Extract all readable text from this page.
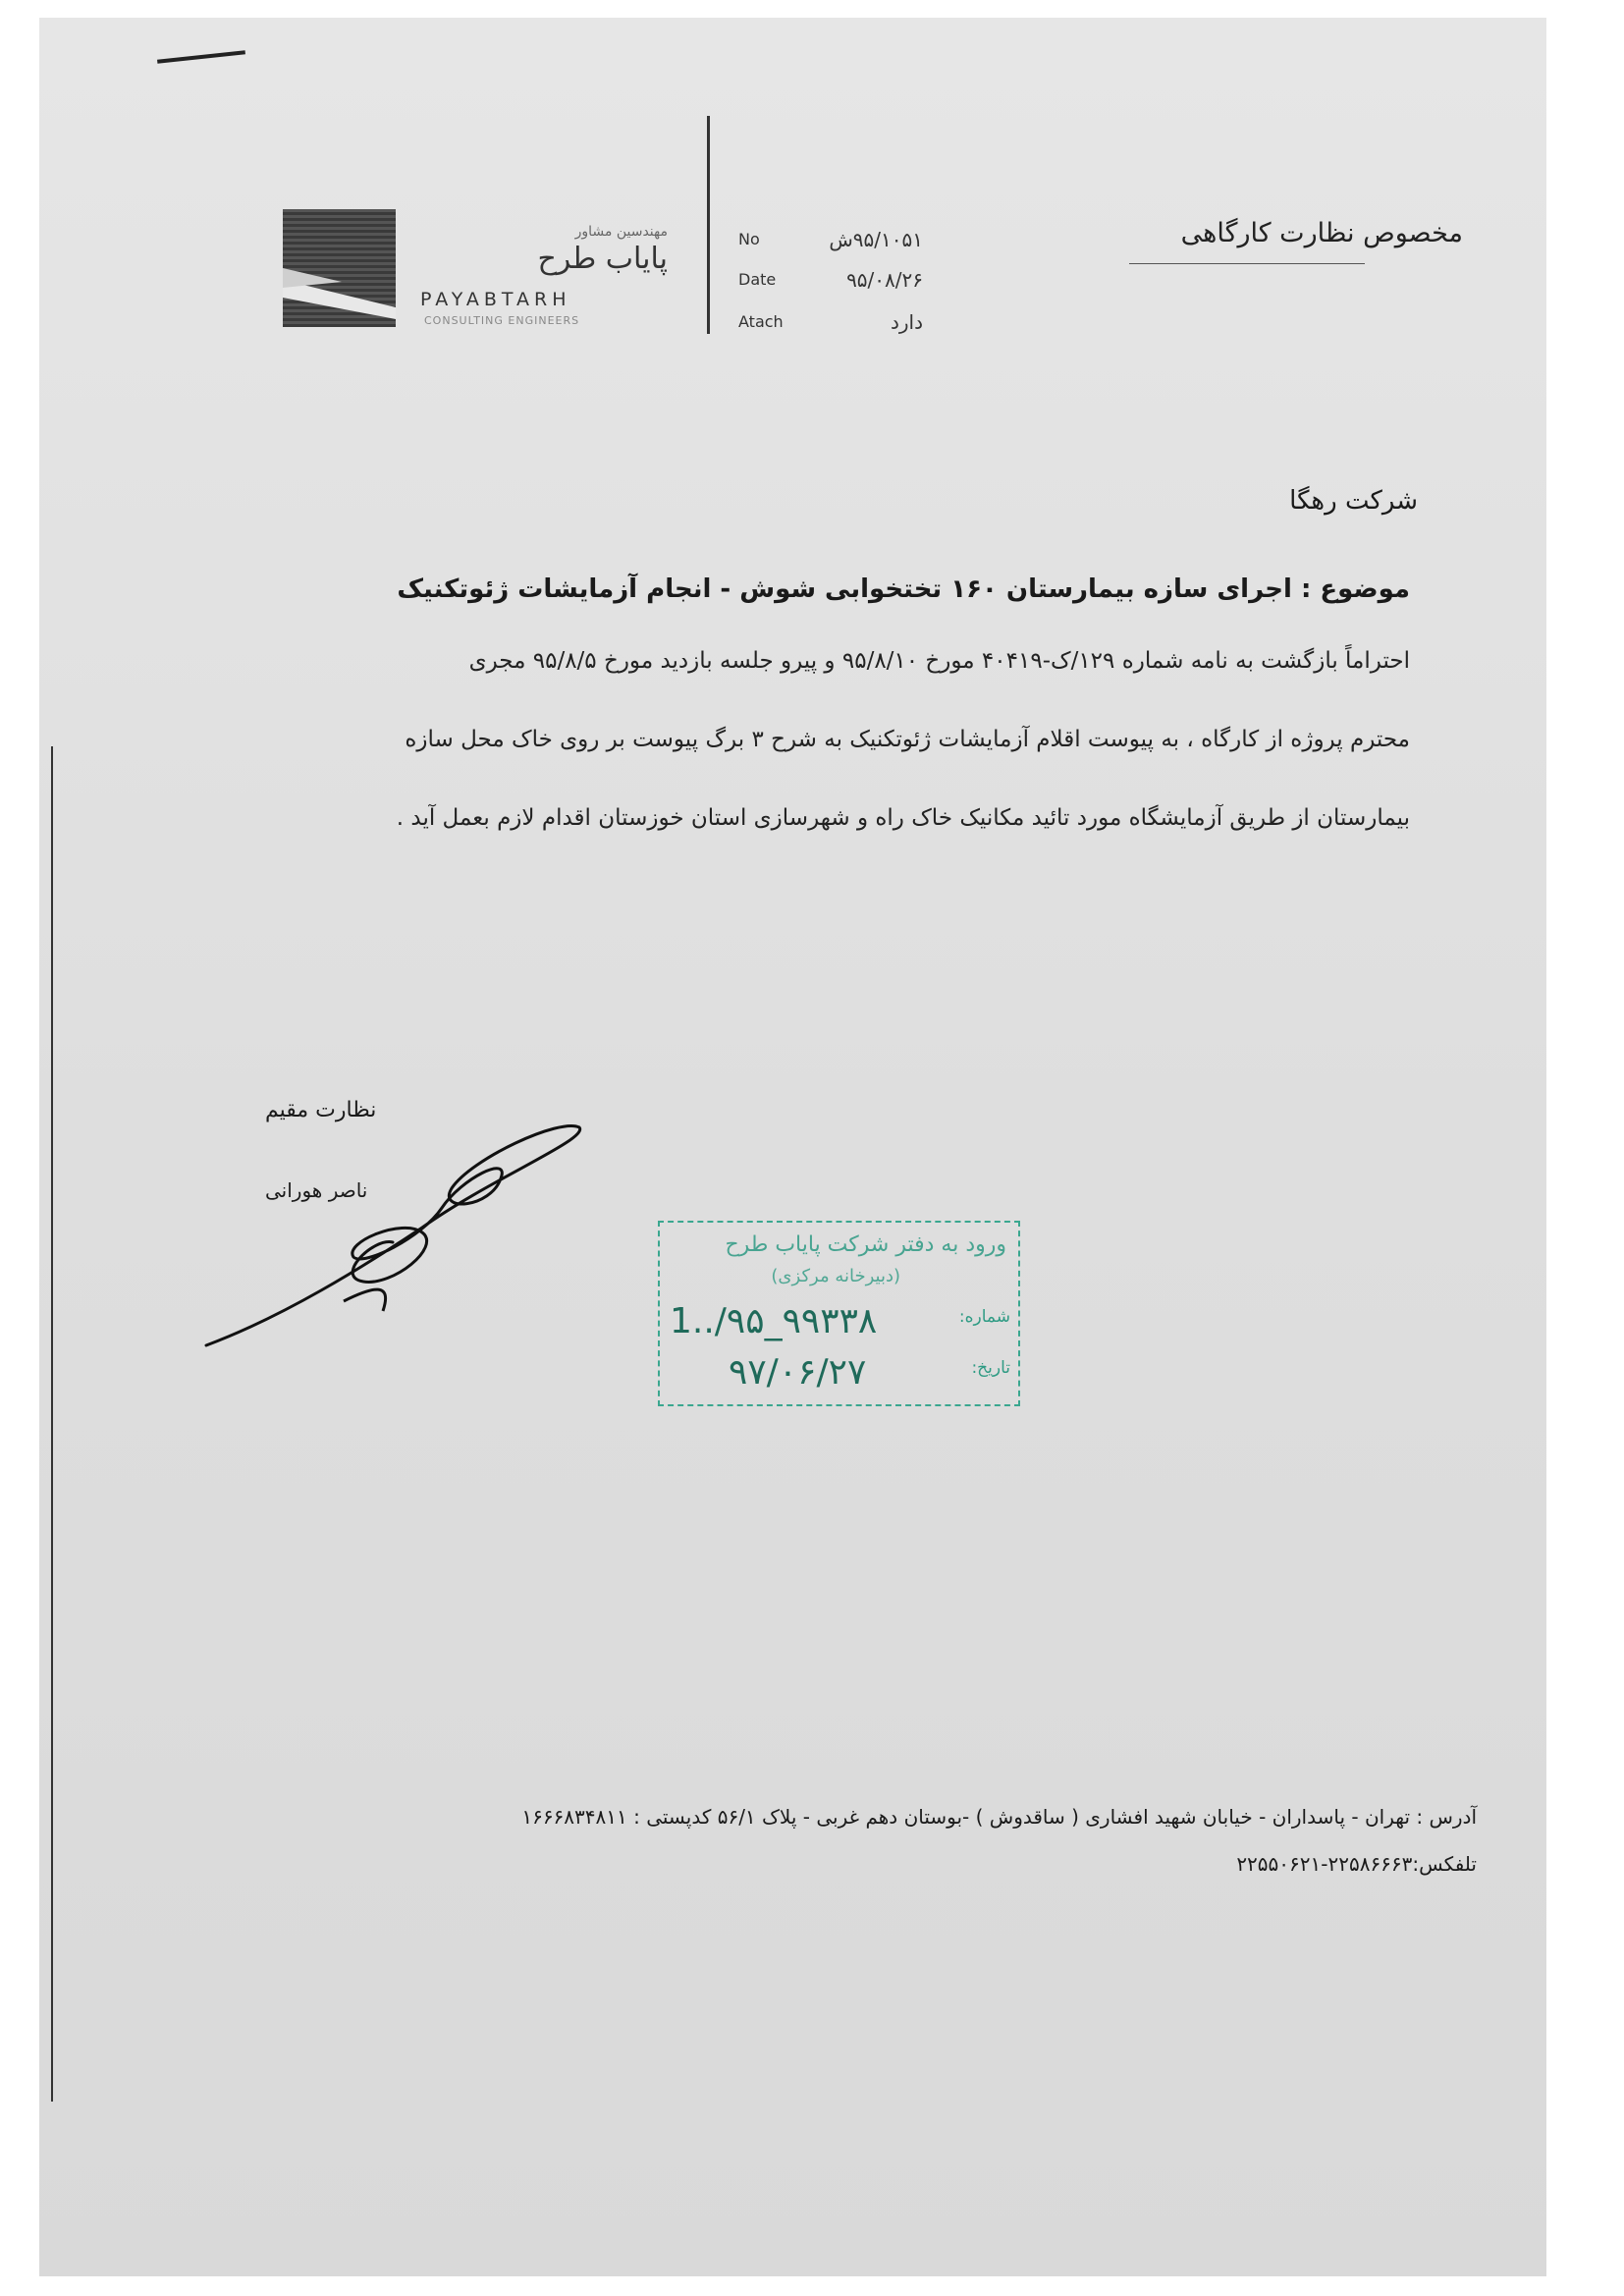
مهندسین مشاور
پایاب طرح
PAYABTARH
CONSULTING ENGINEERS
No	۹۵/۱۰۵۱ش
Date	۹۵/۰۸/۲۶
Atach	دارد
مخصوص نظارت کارگاهی
شرکت رهگا
موضوع : اجرای سازه بیمارستان ۱۶۰ تختخوابی شوش - انجام آزمایشات ژئوتکنیک
احتراماً بازگشت به نامه شماره ۱۲۹/ک-۴۰۴۱۹ مورخ ۹۵/۸/۱۰ و پیرو جلسه بازدید مورخ ۹۵/۸/۵ مجری
محترم پروژه از کارگاه ، به پیوست اقلام آزمایشات ژئوتکنیک به شرح ۳ برگ پیوست بر روی خاک محل سازه
بیمارستان از طریق آزمایشگاه مورد تائید مکانیک خاک راه و شهرسازی استان خوزستان اقدام لازم بعمل آید .
نظارت مقیم
ناصر هورانی
ورود به دفتر شرکت پایاب طرح
(دبیرخانه مرکزی)
شماره:
1../۹۵_۹۹۳۳۸
تاریخ:
۹۷/۰۶/۲۷
آدرس : تهران - پاسداران - خیابان شهید افشاری ( ساقدوش ) -بوستان دهم غربی - پلاک ۵۶/۱ کدپستی : ۱۶۶۶۸۳۴۸۱۱
تلفکس:۲۲۵۸۶۶۶۳-۲۲۵۵۰۶۲۱
